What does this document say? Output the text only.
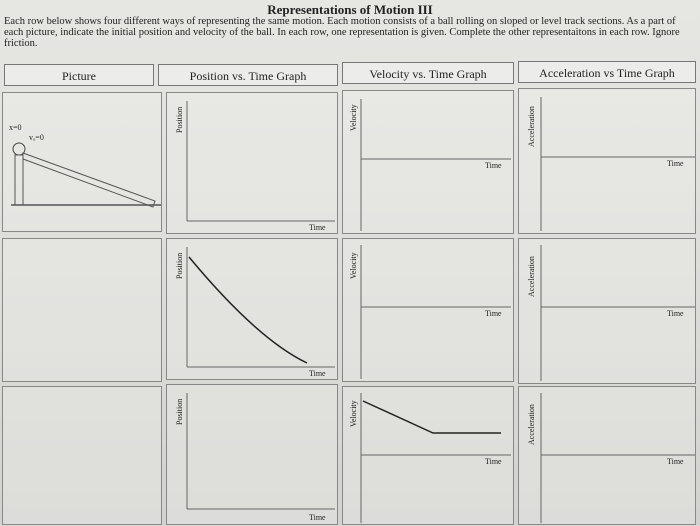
Representations of Motion III
Each row below shows four different ways of representing the same motion. Each motion consists of a ball rolling on sloped or level track sections. As a part of each picture, indicate the initial position and velocity of the ball. In each row, one representation is given. Complete the other representaitons in each row. Ignore friction.
Picture	Position vs. Time Graph	Velocity vs. Time Graph	Acceleration vs Time Graph
x=0
vₒ=0
Position
Time
Velocity
Time
Acceleration
Time
Position
Time
Velocity
Time
Acceleration
Time
Position
Time
Velocity
Time
Acceleration
Time
